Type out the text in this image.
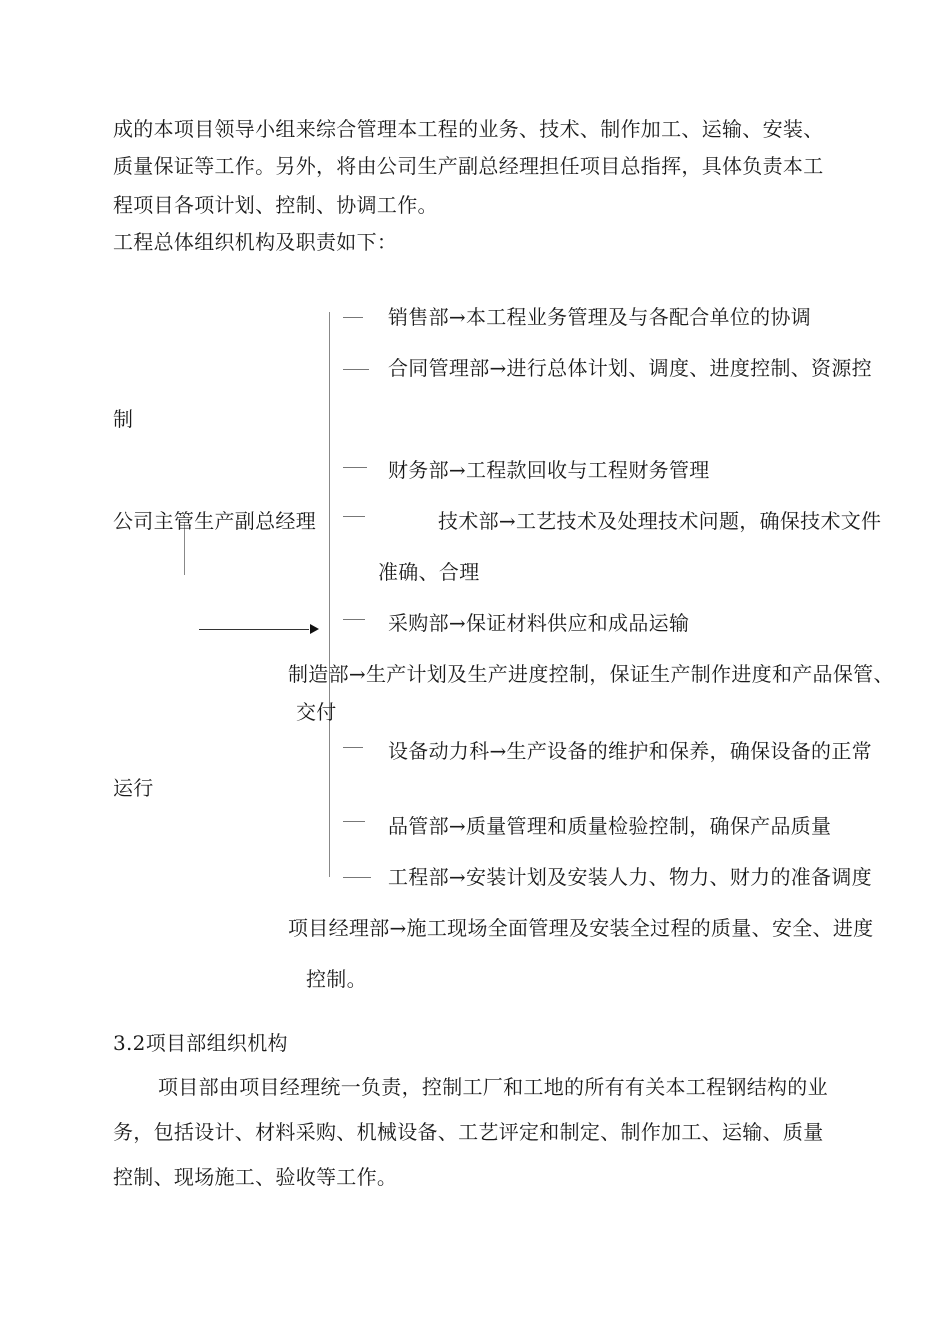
成的本项目领导小组来综合管理本工程的业务、技术、制作加工、运输、安装、
质量保证等工作。另外，将由公司生产副总经理担任项目总指挥，具体负责本工
程项目各项计划、控制、协调工作。
工程总体组织机构及职责如下：
公司主管生产副总经理
销售部→本工程业务管理及与各配合单位的协调
合同管理部→进行总体计划、调度、进度控制、资源控
制
财务部→工程款回收与工程财务管理
技术部→工艺技术及处理技术问题，确保技术文件
准确、合理
采购部→保证材料供应和成品运输
制造部→生产计划及生产进度控制，保证生产制作进度和产品保管、
交付
设备动力科→生产设备的维护和保养，确保设备的正常
运行
品管部→质量管理和质量检验控制，确保产品质量
工程部→安装计划及安装人力、物力、财力的准备调度
项目经理部→施工现场全面管理及安装全过程的质量、安全、进度
控制。
3.2项目部组织机构
项目部由项目经理统一负责，控制工厂和工地的所有有关本工程钢结构的业
务，包括设计、材料采购、机械设备、工艺评定和制定、制作加工、运输、质量
控制、现场施工、验收等工作。
